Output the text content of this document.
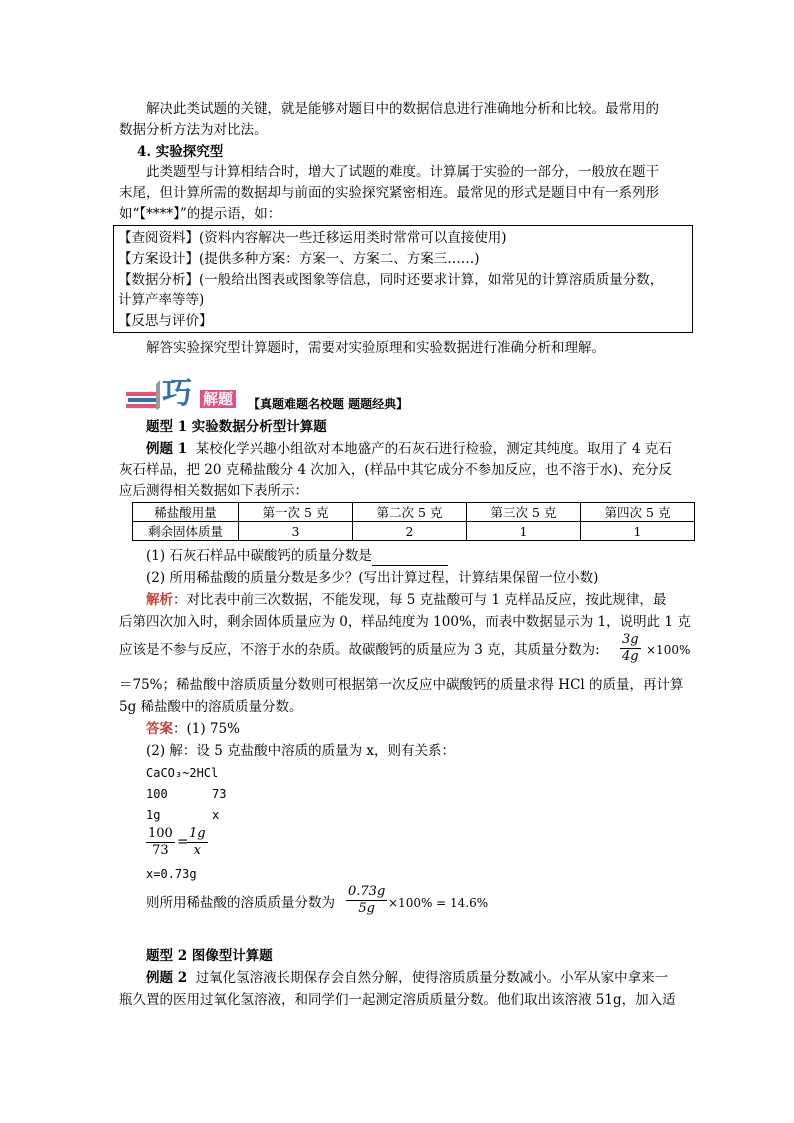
解决此类试题的关键，就是能够对题目中的数据信息进行准确地分析和比较。最常用的
数据分析方法为对比法。
4. 实验探究型
此类题型与计算相结合时，增大了试题的难度。计算属于实验的一部分，一般放在题干
末尾，但计算所需的数据却与前面的实验探究紧密相连。最常见的形式是题目中有一系列形
如“【****】”的提示语，如：
【查阅资料】(资料内容解决一些迁移运用类时常常可以直接使用)
【方案设计】(提供多种方案：方案一、方案二、方案三……)
【数据分析】(一般给出图表或图象等信息，同时还要求计算，如常见的计算溶质质量分数，
计算产率等等)
【反思与评价】
解答实验探究型计算题时，需要对实验原理和实验数据进行准确分析和理解。
巧 解题 【真题难题名校题 题题经典】
题型 1 实验数据分析型计算题
例题 1 某校化学兴趣小组欲对本地盛产的石灰石进行检验，测定其纯度。取用了 4 克石
灰石样品，把 20 克稀盐酸分 4 次加入，(样品中其它成分不参加反应，也不溶于水)、充分反
应后测得相关数据如下表所示：
稀盐酸用量	第一次 5 克	第二次 5 克	第三次 5 克	第四次 5 克
剩余固体质量	3	2	1	1
(1) 石灰石样品中碳酸钙的质量分数是
(2) 所用稀盐酸的质量分数是多少？(写出计算过程，计算结果保留一位小数)
解析：对比表中前三次数据，不能发现，每 5 克盐酸可与 1 克样品反应，按此规律，最
后第四次加入时，剩余固体质量应为 0，样品纯度为 100%，而表中数据显示为 1，说明此 1 克
应该是不参与反应，不溶于水的杂质。故碳酸钙的质量应为 3 克，其质量分数为: $\frac{3g}{4g} \times 100\%$
＝75%；稀盐酸中溶质质量分数则可根据第一次反应中碳酸钙的质量求得 HCl 的质量，再计算
5g 稀盐酸中的溶质质量分数。
答案：(1) 75%
(2) 解：设 5 克盐酸中溶质的质量为 x，则有关系：
CaCO₃~2HCl
100	73
1g	x
$\frac{100}{73}$ =
$\frac{1g}{x}$
x=0.73g
则所用稀盐酸的溶质质量分数为 $\frac{0.73g}{5g} \times 100\% = 14.6\%$
题型 2 图像型计算题
例题 2 过氧化氢溶液长期保存会自然分解，使得溶质质量分数减小。小军从家中拿来一
瓶久置的医用过氧化氢溶液，和同学们一起测定溶质质量分数。他们取出该溶液 51g，加入适
